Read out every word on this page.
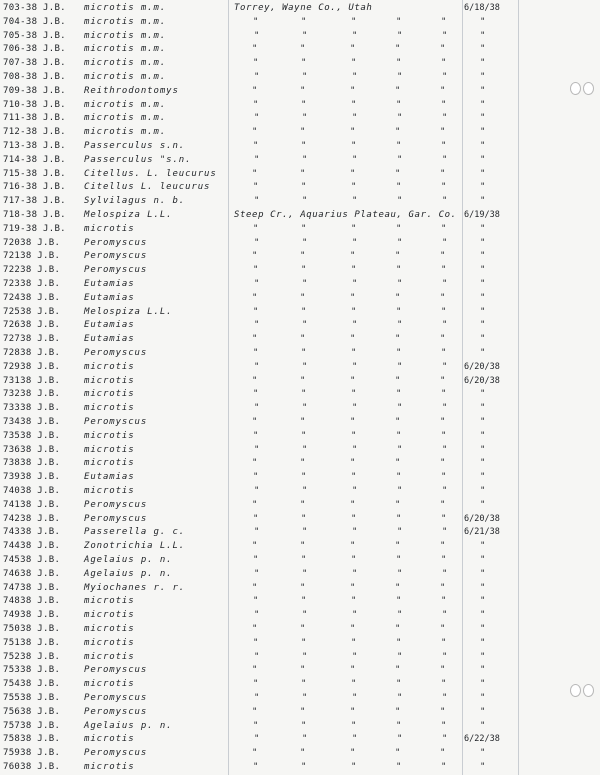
703-38 J.B. microtis m.m.	Torrey, Wayne Co., Utah	6/18/38
704-38 J.B. microtis m.m.	"	"	"	"	"	"
705-38 J.B. microtis m.m.	"	"	"	"	"	"
706-38 J.B. microtis m.m.	"	"	"	"	"	"
707-38 J.B. microtis m.m.	"	"	"	"	"	"
708-38 J.B. microtis m.m.	"	"	"	"	"	"
709-38 J.B. Reithrodontomys	"	"	"	"	"	"
710-38 J.B. microtis m.m.	"	"	"	"	"	"
711-38 J.B. microtis m.m.	"	"	"	"	"	"
712-38 J.B. microtis m.m.	"	"	"	"	"	"
713-38 J.B. Passerculus s.n.	"	"	"	"	"	"
714-38 J.B. Passerculus "s.n.	"	"	"	"	"	"
715-38 J.B. Citellus. L. leucurus	"	"	"	"	"	"
716-38 J.B. Citellus L. leucurus	"	"	"	"	"	"
717-38 J.B. Sylvilagus n. b.	"	"	"	"	"	"
718-38 J.B. Melospiza L.L.	Steep Cr., Aquarius Plateau, Gar. Co. 6/19/38
719-38 J.B. microtis	"	"	"	"	"	"
72038 J.B.	Peromyscus	"	"	"	"	"	"
72138 J.B.	Peromyscus	"	"	"	"	"	"
72238 J.B.	Peromyscus	"	"	"	"	"	"
72338 J.B.	Eutamias	"	"	"	"	"	"
72438 J.B.	Eutamias	"	"	"	"	"	"
72538 J.B.	Melospiza L.L.	"	"	"	"	"	"
72638 J.B.	Eutamias	"	"	"	"	"	"
72738 J.B.	Eutamias	"	"	"	"	"	"
72838 J.B.	Peromyscus	"	"	"	"	"	"
72938 J.B.	microtis	"	"	"	"	" 6/20/38
73138 J.B.	microtis	"	"	"	"	" 6/20/38
73238 J.B.	microtis	"	"	"	"	"	"
73338 J.B.	microtis	"	"	"	"	"	"
73438 J.B.	Peromyscus	"	"	"	"	"	"
73538 J.B.	microtis	"	"	"	"	"	"
73638 J.B.	microtis	"	"	"	"	"	"
73838 J.B.	microtis	"	"	"	"	"	"
73938 J.B.	Eutamias	"	"	"	"	"	"
74038 J.B.	microtis	"	"	"	"	"	"
74138 J.B.	Peromyscus	"	"	"	"	"	"
74238 J.B.	Peromyscus	"	"	"	"	" 6/20/38
74338 J.B.	Passerella g. c.	"	"	"	"	" 6/21/38
74438 J.B.	Zonotrichia L.L.	"	"	"	"	"	"
74538 J.B.	Agelaius p. n.	"	"	"	"	"	"
74638 J.B.	Agelaius p. n.	"	"	"	"	"	"
74738 J.B.	Myiochanes r. r.	"	"	"	"	"	"
74838 J.B.	microtis	"	"	"	"	"	"
74938 J.B.	microtis	"	"	"	"	"	"
75038 J.B.	microtis	"	"	"	"	"	"
75138 J.B.	microtis	"	"	"	"	"	"
75238 J.B.	microtis	"	"	"	"	"	"
75338 J.B.	Peromyscus	"	"	"	"	"	"
75438 J.B.	microtis	"	"	"	"	"	"
75538 J.B.	Peromyscus	"	"	"	"	"	"
75638 J.B.	Peromyscus	"	"	"	"	"	"
75738 J.B.	Agelaius p. n.	"	"	"	"	"	"
75838 J.B.	microtis	"	"	"	"	" 6/22/38
75938 J.B.	Peromyscus	"	"	"	"	"	"
76038 J.B.	microtis	"	"	"	"	"	"
